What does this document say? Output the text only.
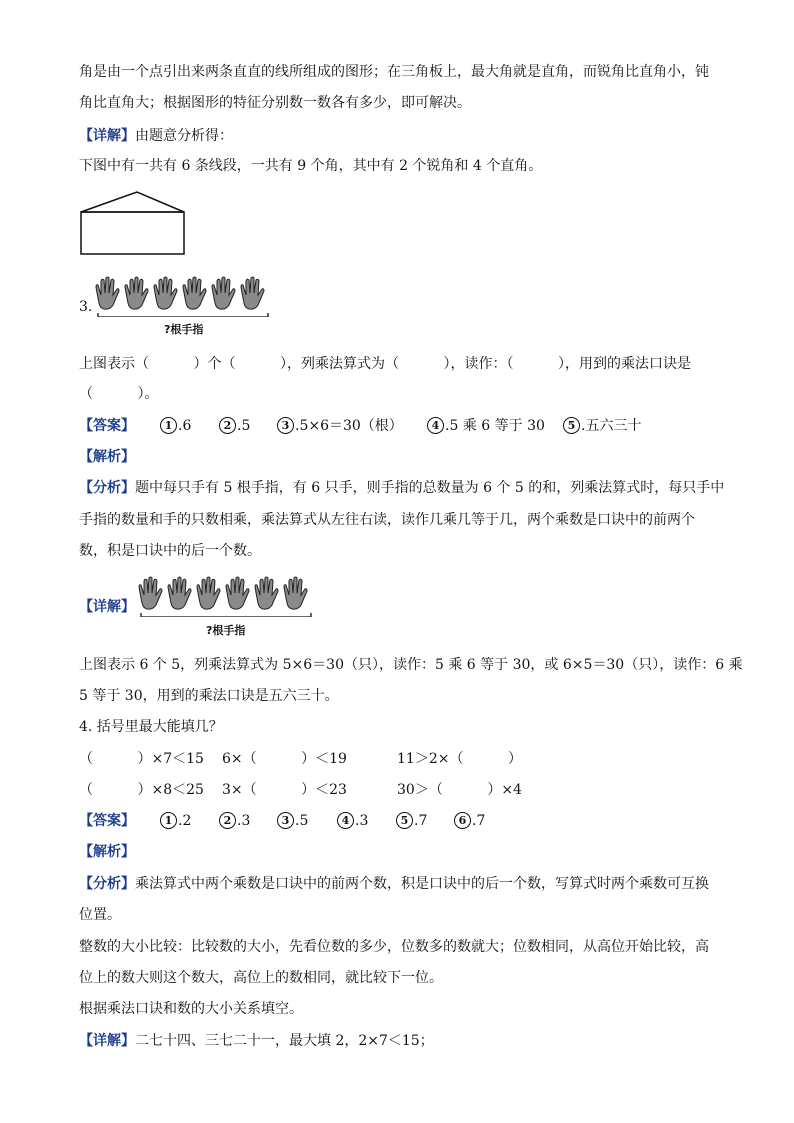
角是由一个点引出来两条直直的线所组成的图形；在三角板上，最大角就是直角，而锐角比直角小，钝
角比直角大；根据图形的特征分别数一数各有多少，即可解决。
【详解】由题意分析得：
下图中有一共有 6 条线段，一共有 9 个角，其中有 2 个锐角和 4 个直角。
3.
?根手指
上图表示（          ）个（          ），列乘法算式为（          ），读作：（          ），用到的乘法口诀是
（          ）。
【答案】	1 .6	2 .5	3 .5×6＝30（根）	4 .5 乘 6 等于 30	5 .五六三十
【解析】
【分析】题中每只手有 5 根手指，有 6 只手，则手指的总数量为 6 个 5 的和，列乘法算式时，每只手中
手指的数量和手的只数相乘，乘法算式从左往右读，读作几乘几等于几，两个乘数是口诀中的前两个
数，积是口诀中的后一个数。
【详解】
?根手指
上图表示 6 个 5，列乘法算式为 5×6＝30（只），读作：5 乘 6 等于 30，或 6×5＝30（只），读作：6 乘
5 等于 30，用到的乘法口诀是五六三十。
4. 括号里最大能填几？
（          ）×7＜15 6×（          ）＜19	11＞2×（          ）
（          ）×8＜25 3×（          ）＜23	30＞（          ）×4
【答案】	1 .2	2 .3	3 .5	4 .3	5 .7	6 .7
【解析】
【分析】乘法算式中两个乘数是口诀中的前两个数，积是口诀中的后一个数，写算式时两个乘数可互换
位置。
整数的大小比较：比较数的大小，先看位数的多少，位数多的数就大；位数相同，从高位开始比较，高
位上的数大则这个数大，高位上的数相同，就比较下一位。
根据乘法口诀和数的大小关系填空。
【详解】二七十四、三七二十一，最大填 2，2×7＜15；
